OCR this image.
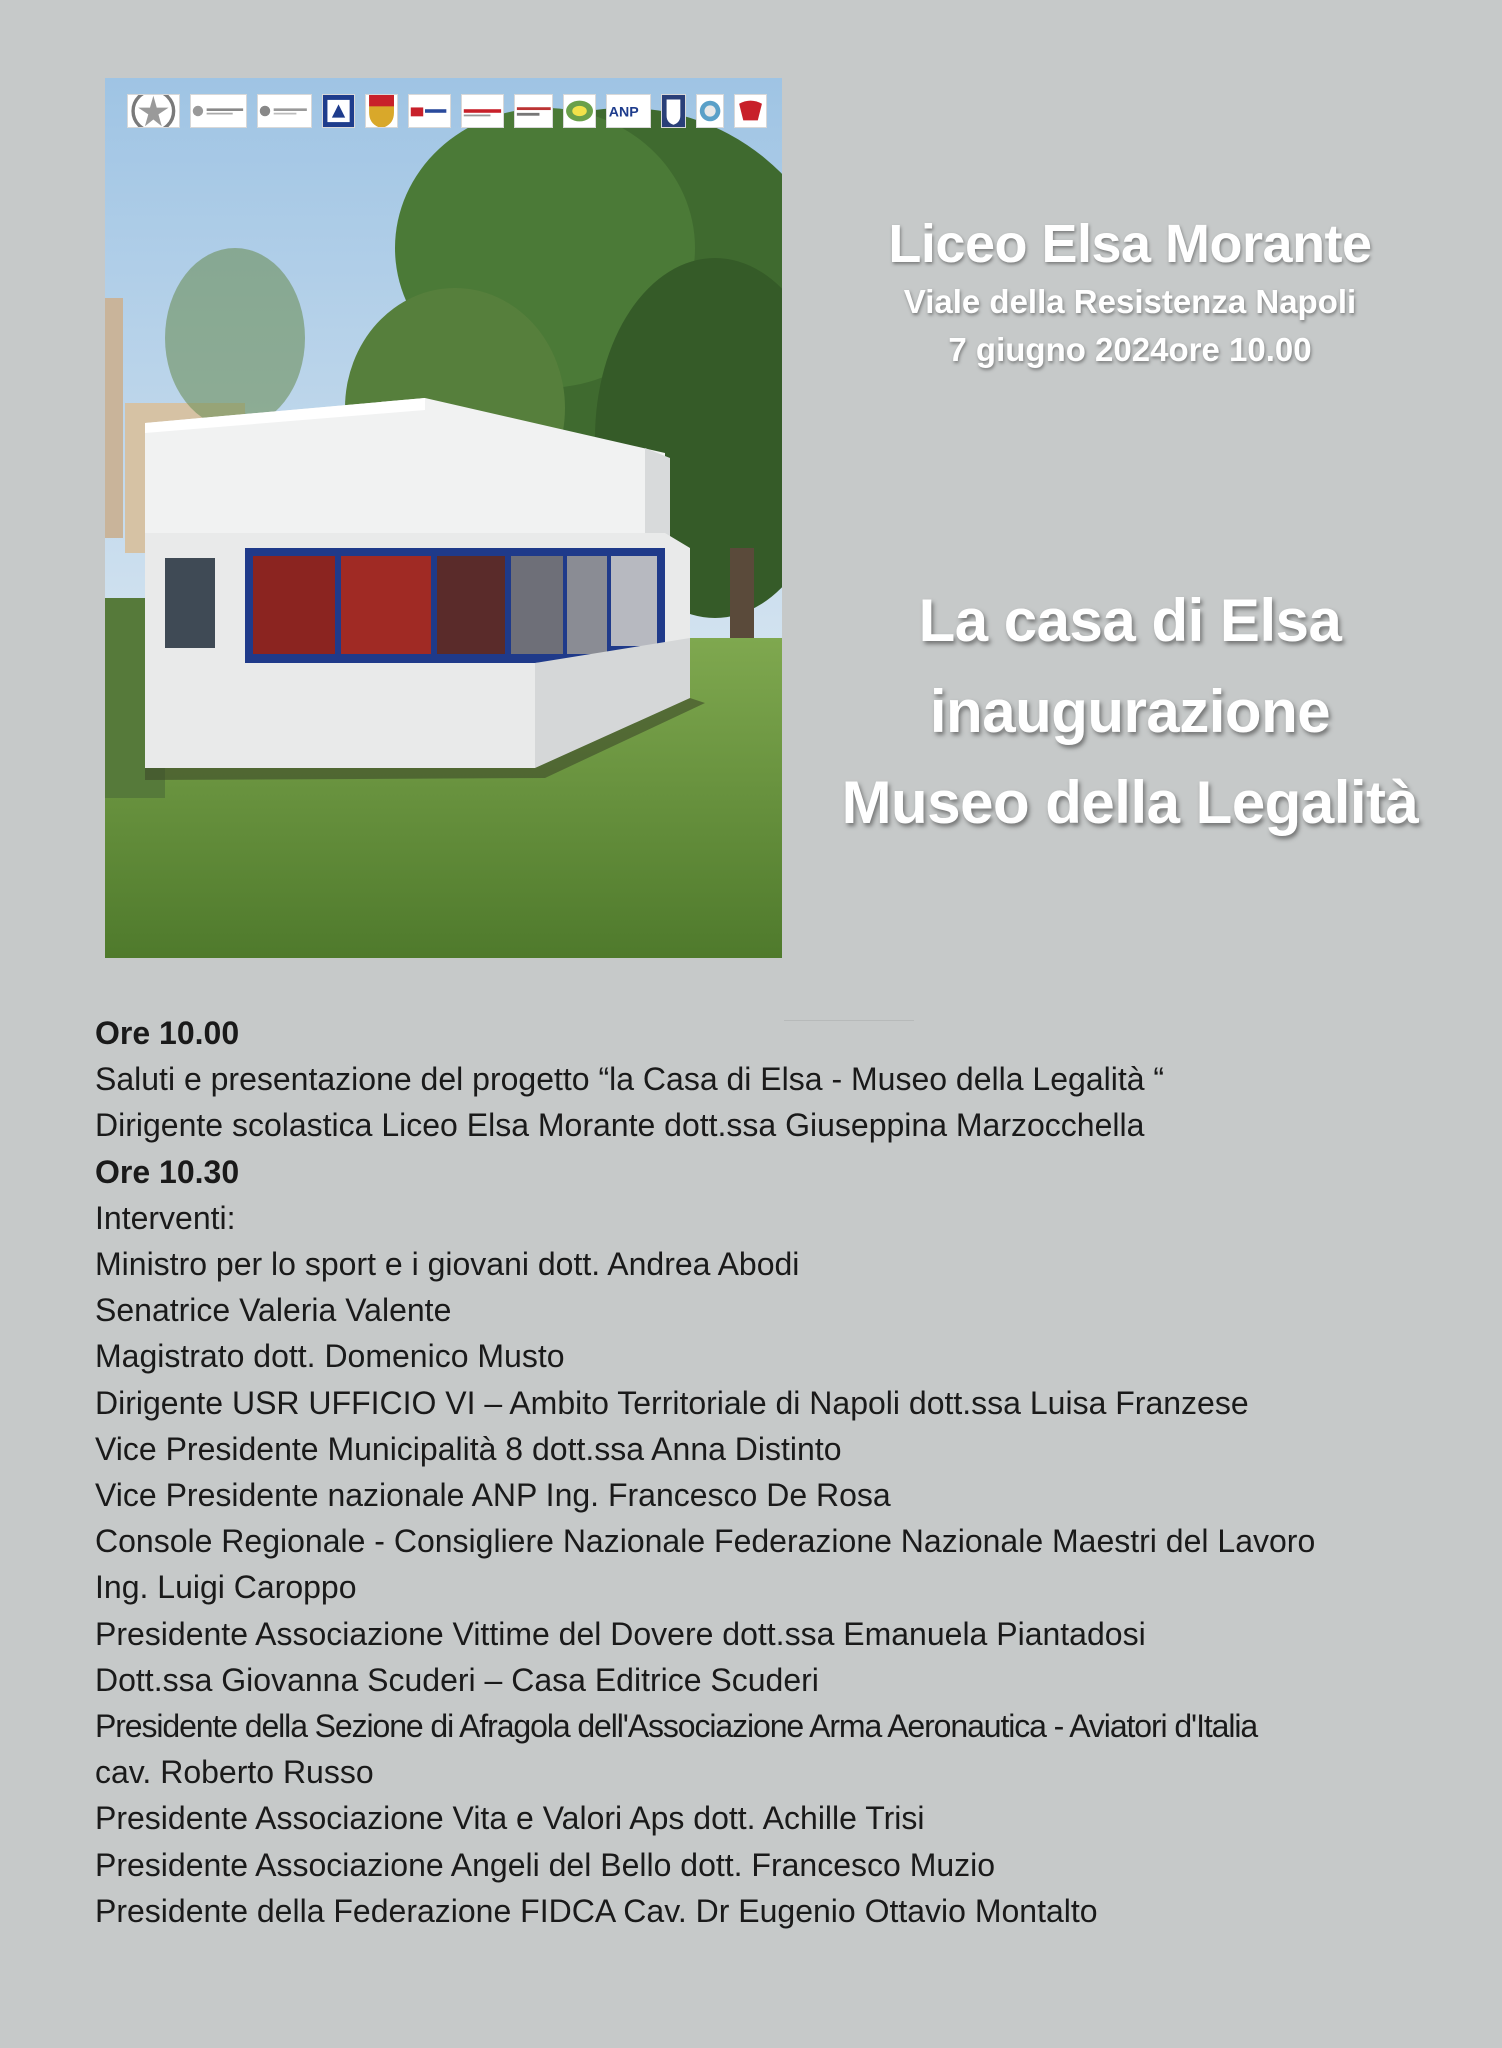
ANP
Liceo Elsa Morante
Viale della Resistenza Napoli
7 giugno 2024ore 10.00
La casa di Elsa
inaugurazione
Museo della Legalità
Ore 10.00
Saluti e presentazione del progetto “la Casa di Elsa - Museo della Legalità “
Dirigente scolastica Liceo Elsa Morante dott.ssa Giuseppina Marzocchella
Ore 10.30
Interventi:
Ministro per lo sport e i giovani dott. Andrea Abodi
Senatrice Valeria Valente
Magistrato dott. Domenico Musto
Dirigente USR UFFICIO VI – Ambito Territoriale di Napoli dott.ssa Luisa Franzese
Vice Presidente Municipalità 8 dott.ssa Anna Distinto
Vice Presidente nazionale ANP Ing. Francesco De Rosa
Console Regionale - Consigliere Nazionale Federazione Nazionale Maestri del Lavoro
Ing. Luigi Caroppo
Presidente Associazione Vittime del Dovere dott.ssa Emanuela Piantadosi
Dott.ssa Giovanna Scuderi – Casa Editrice Scuderi
Presidente della Sezione di Afragola dell'Associazione Arma Aeronautica - Aviatori d'Italia
cav. Roberto Russo
Presidente Associazione Vita e Valori Aps dott. Achille Trisi
Presidente Associazione Angeli del Bello dott. Francesco Muzio
Presidente della Federazione FIDCA Cav. Dr Eugenio Ottavio Montalto
